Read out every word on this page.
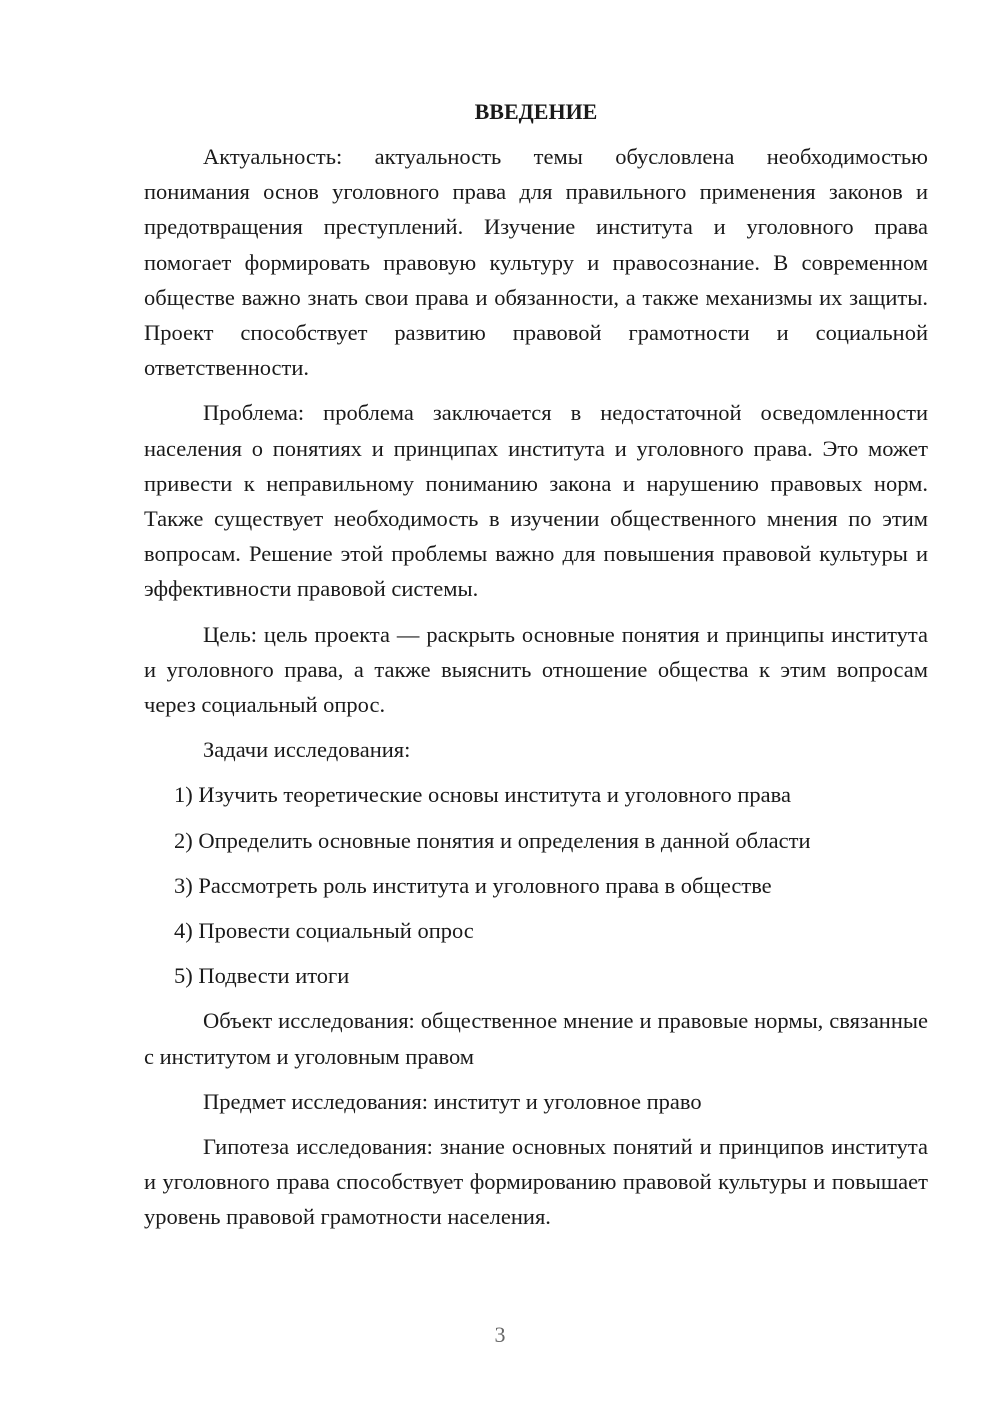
ВВЕДЕНИЕ

Актуальность: актуальность темы обусловлена необходимостью понимания основ уголовного права для правильного применения законов и предотвращения преступлений. Изучение института и уголовного права помогает формировать правовую культуру и правосознание. В современном обществе важно знать свои права и обязанности, а также механизмы их защиты. Проект способствует развитию правовой грамотности и социальной ответственности.

Проблема: проблема заключается в недостаточной осведомленности населения о понятиях и принципах института и уголовного права. Это может привести к неправильному пониманию закона и нарушению правовых норм. Также существует необходимость в изучении общественного мнения по этим вопросам. Решение этой проблемы важно для повышения правовой культуры и эффективности правовой системы.

Цель: цель проекта — раскрыть основные понятия и принципы института и уголовного права, а также выяснить отношение общества к этим вопросам через социальный опрос.

Задачи исследования:

1) Изучить теоретические основы института и уголовного права
2) Определить основные понятия и определения в данной области
3) Рассмотреть роль института и уголовного права в обществе
4) Провести социальный опрос
5) Подвести итоги

Объект исследования: общественное мнение и правовые нормы, связанные с институтом и уголовным правом

Предмет исследования: институт и уголовное право

Гипотеза исследования: знание основных понятий и принципов института и уголовного права способствует формированию правовой культуры и повышает уровень правовой грамотности населения.

3
